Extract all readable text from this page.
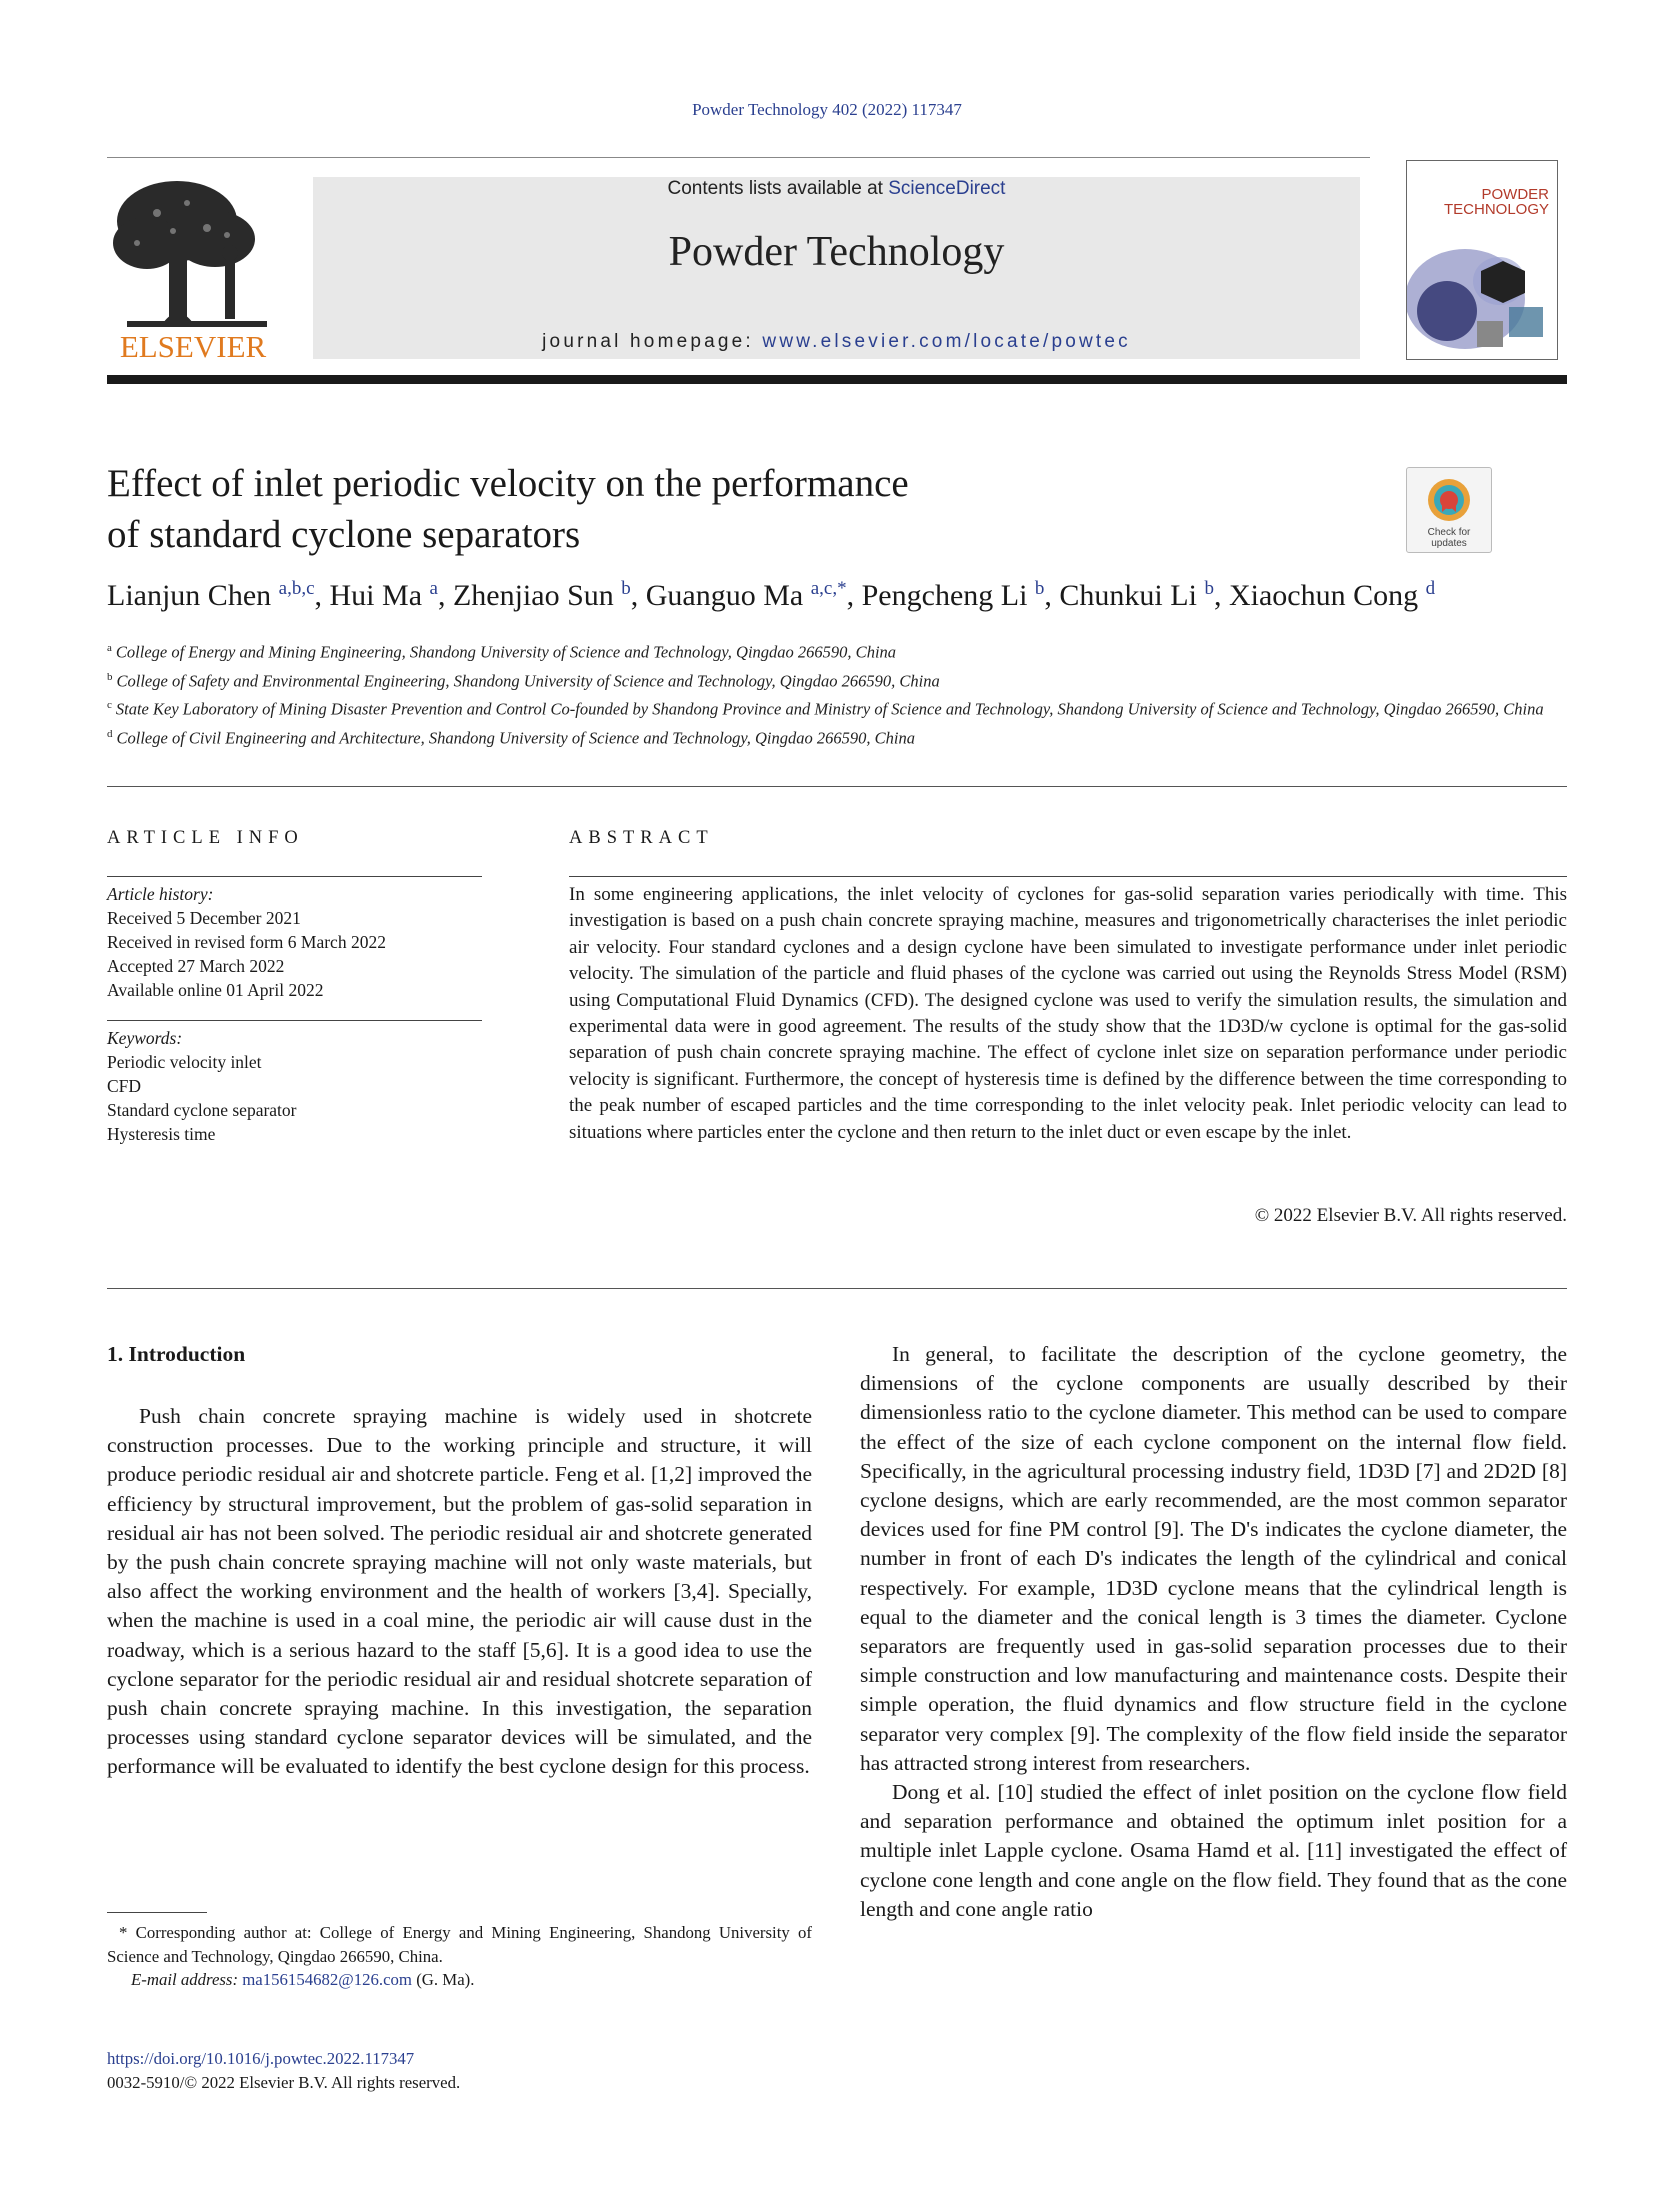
Powder Technology 402 (2022) 117347
ELSEVIER
Contents lists available at ScienceDirect
Powder Technology
journal homepage: www.elsevier.com/locate/powtec
POWDER
TECHNOLOGY
Effect of inlet periodic velocity on the performance
of standard cyclone separators	Check for
updates
Lianjun Chen $^{a,b,c}$, Hui Ma $^a$, Zhenjiao Sun $^b$, Guanguo Ma $^{a,c,*}$, Pengcheng Li $^b$, Chunkui Li $^b$, Xiaochun Cong $^d$
$^a$ College of Energy and Mining Engineering, Shandong University of Science and Technology, Qingdao 266590, China
$^b$ College of Safety and Environmental Engineering, Shandong University of Science and Technology, Qingdao 266590, China
$^c$ State Key Laboratory of Mining Disaster Prevention and Control Co-founded by Shandong Province and Ministry of Science and Technology, Shandong University of Science and Technology, Qingdao 266590, China
$^d$ College of Civil Engineering and Architecture, Shandong University of Science and Technology, Qingdao 266590, China
ARTICLE INFO
Article history:
Received 5 December 2021
Received in revised form 6 March 2022
Accepted 27 March 2022
Available online 01 April 2022
Keywords:
Periodic velocity inlet
CFD
Standard cyclone separator
Hysteresis time
ABSTRACT
In some engineering applications, the inlet velocity of cyclones for gas-solid separation varies periodically with time. This investigation is based on a push chain concrete spraying machine, measures and trigonometrically characterises the inlet periodic air velocity. Four standard cyclones and a design cyclone have been simulated to investigate performance under inlet periodic velocity. The simulation of the particle and fluid phases of the cyclone was carried out using the Reynolds Stress Model (RSM) using Computational Fluid Dynamics (CFD). The designed cyclone was used to verify the simulation results, the simulation and experimental data were in good agreement. The results of the study show that the 1D3D/w cyclone is optimal for the gas-solid separation of push chain concrete spraying machine. The effect of cyclone inlet size on separation performance under periodic velocity is significant. Furthermore, the concept of hysteresis time is defined by the difference between the time corresponding to the peak number of escaped particles and the time corresponding to the inlet velocity peak. Inlet periodic velocity can lead to situations where particles enter the cyclone and then return to the inlet duct or even escape by the inlet.
© 2022 Elsevier B.V. All rights reserved.
1. Introduction

Push chain concrete spraying machine is widely used in shotcrete construction processes. Due to the working principle and structure, it will produce periodic residual air and shotcrete particle. Feng et al. [1,2] improved the efficiency by structural improvement, but the problem of gas-solid separation in residual air has not been solved. The periodic residual air and shotcrete generated by the push chain concrete spraying machine will not only waste materials, but also affect the working environment and the health of workers [3,4]. Specially, when the machine is used in a coal mine, the periodic air will cause dust in the roadway, which is a serious hazard to the staff [5,6]. It is a good idea to use the cyclone separator for the periodic residual air and residual shotcrete separation of push chain concrete spraying machine. In this investigation, the separation processes using standard cyclone separator devices will be simulated, and the performance will be evaluated to identify the best cyclone design for this process.

In general, to facilitate the description of the cyclone geometry, the dimensions of the cyclone components are usually described by their dimensionless ratio to the cyclone diameter. This method can be used to compare the effect of the size of each cyclone component on the internal flow field. Specifically, in the agricultural processing industry field, 1D3D [7] and 2D2D [8] cyclone designs, which are early recommended, are the most common separator devices used for fine PM control [9]. The D's indicates the cyclone diameter, the number in front of each D's indicates the length of the cylindrical and conical respectively. For example, 1D3D cyclone means that the cylindrical length is equal to the diameter and the conical length is 3 times the diameter. Cyclone separators are frequently used in gas-solid separation processes due to their simple construction and low manufacturing and maintenance costs. Despite their simple operation, the fluid dynamics and flow structure field in the cyclone separator very complex [9]. The complexity of the flow field inside the separator has attracted strong interest from researchers.

Dong et al. [10] studied the effect of inlet position on the cyclone flow field and separation performance and obtained the optimum inlet position for a multiple inlet Lapple cyclone. Osama Hamd et al. [11] investigated the effect of cyclone cone length and cone angle on the flow field. They found that as the cone length and cone angle ratio

* Corresponding author at: College of Energy and Mining Engineering, Shandong University of Science and Technology, Qingdao 266590, China.
E-mail address: ma156154682@126.com (G. Ma).
https://doi.org/10.1016/j.powtec.2022.117347
0032-5910/© 2022 Elsevier B.V. All rights reserved.
